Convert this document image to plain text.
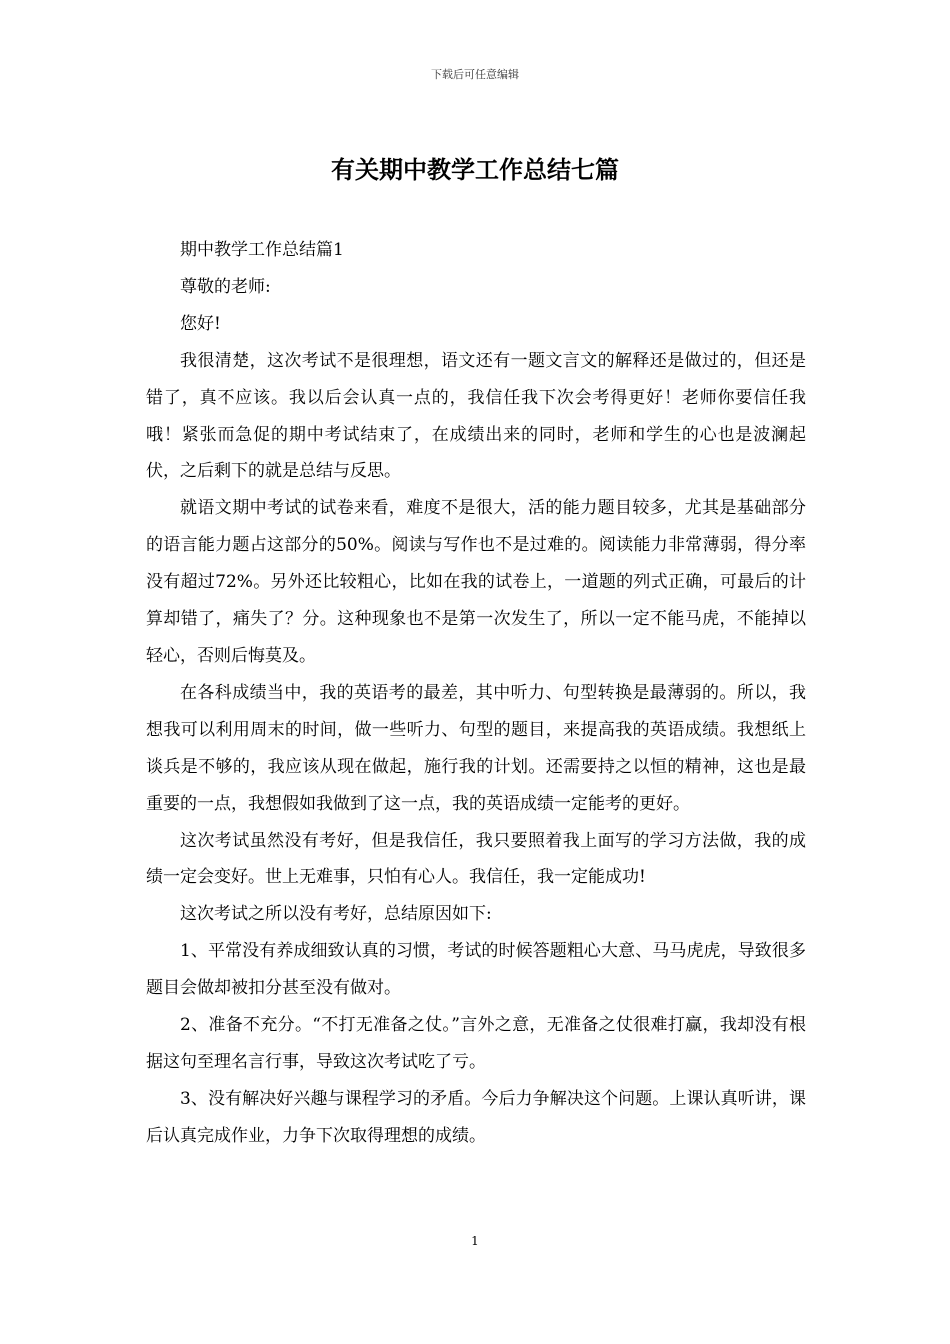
下载后可任意编辑
有关期中教学工作总结七篇

期中教学工作总结篇1

尊敬的老师:

您好!

我很清楚，这次考试不是很理想，语文还有一题文言文的解释还是做过的，但还是错了，真不应该。我以后会认真一点的，我信任我下次会考得更好！老师你要信任我哦！紧张而急促的期中考试结束了，在成绩出来的同时，老师和学生的心也是波澜起伏，之后剩下的就是总结与反思。

就语文期中考试的试卷来看，难度不是很大，活的能力题目较多，尤其是基础部分的语言能力题占这部分的50%。阅读与写作也不是过难的。阅读能力非常薄弱，得分率没有超过72%。另外还比较粗心，比如在我的试卷上，一道题的列式正确，可最后的计算却错了，痛失了？分。这种现象也不是第一次发生了，所以一定不能马虎，不能掉以轻心，否则后悔莫及。

在各科成绩当中，我的英语考的最差，其中听力、句型转换是最薄弱的。所以，我想我可以利用周末的时间，做一些听力、句型的题目，来提高我的英语成绩。我想纸上谈兵是不够的，我应该从现在做起，施行我的计划。还需要持之以恒的精神，这也是最重要的一点，我想假如我做到了这一点，我的英语成绩一定能考的更好。

这次考试虽然没有考好，但是我信任，我只要照着我上面写的学习方法做，我的成绩一定会变好。世上无难事，只怕有心人。我信任，我一定能成功!

这次考试之所以没有考好，总结原因如下:

1、平常没有养成细致认真的习惯，考试的时候答题粗心大意、马马虎虎，导致很多题目会做却被扣分甚至没有做对。

2、准备不充分。“不打无准备之仗。”言外之意，无准备之仗很难打赢，我却没有根据这句至理名言行事，导致这次考试吃了亏。

3、没有解决好兴趣与课程学习的矛盾。今后力争解决这个问题。上课认真听讲，课后认真完成作业，力争下次取得理想的成绩。

1
